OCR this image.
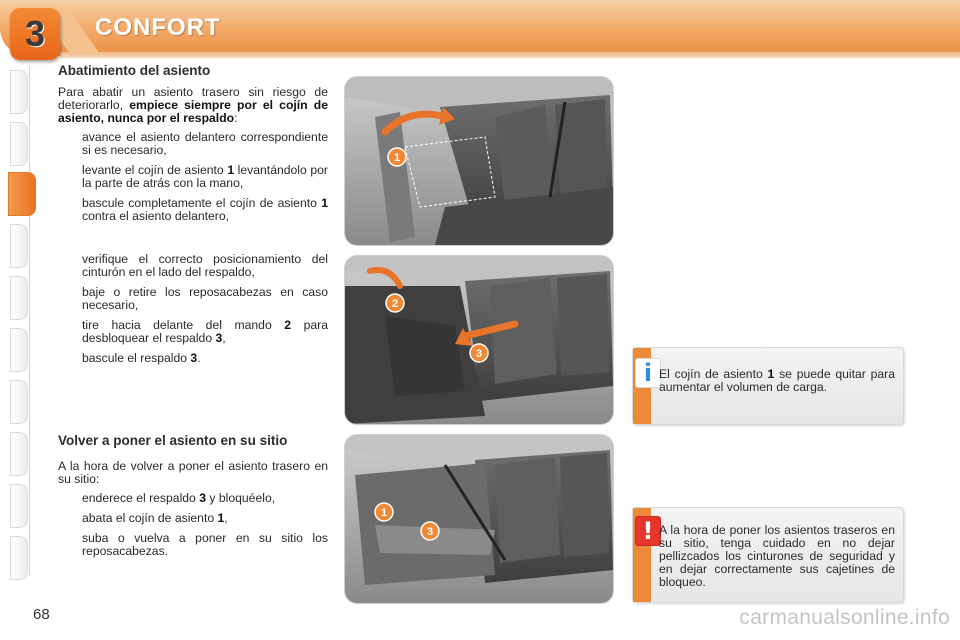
3	CONFORT
Abatimiento del asiento

Para abatir un asiento trasero sin riesgo de deteriorarlo, empiece siempre por el cojín de asiento, nunca por el respaldo:

avance el asiento delantero correspondiente si es necesario,
levante el cojín de asiento 1 levantándolo por la parte de atrás con la mano,
bascule completamente el cojín de asiento 1 contra el asiento delantero,
verifique el correcto posicionamiento del cinturón en el lado del respaldo,
baje o retire los reposacabezas en caso necesario,
tire hacia delante del mando 2 para desbloquear el respaldo 3,
bascule el respaldo 3.
Volver a poner el asiento en su sitio

A la hora de volver a poner el asiento trasero en su sitio:

enderece el respaldo 3 y bloquéelo,
abata el cojín de asiento 1,
suba o vuelva a poner en su sitio los reposacabezas.
1
2
3
1
3
i El cojín de asiento 1 se puede quitar para aumentar el volumen de carga.
! A la hora de poner los asientos traseros en su sitio, tenga cuidado en no dejar pellizcados los cinturones de seguridad y en dejar correctamente sus cajetines de bloqueo.
68	carmanualsonline.info
